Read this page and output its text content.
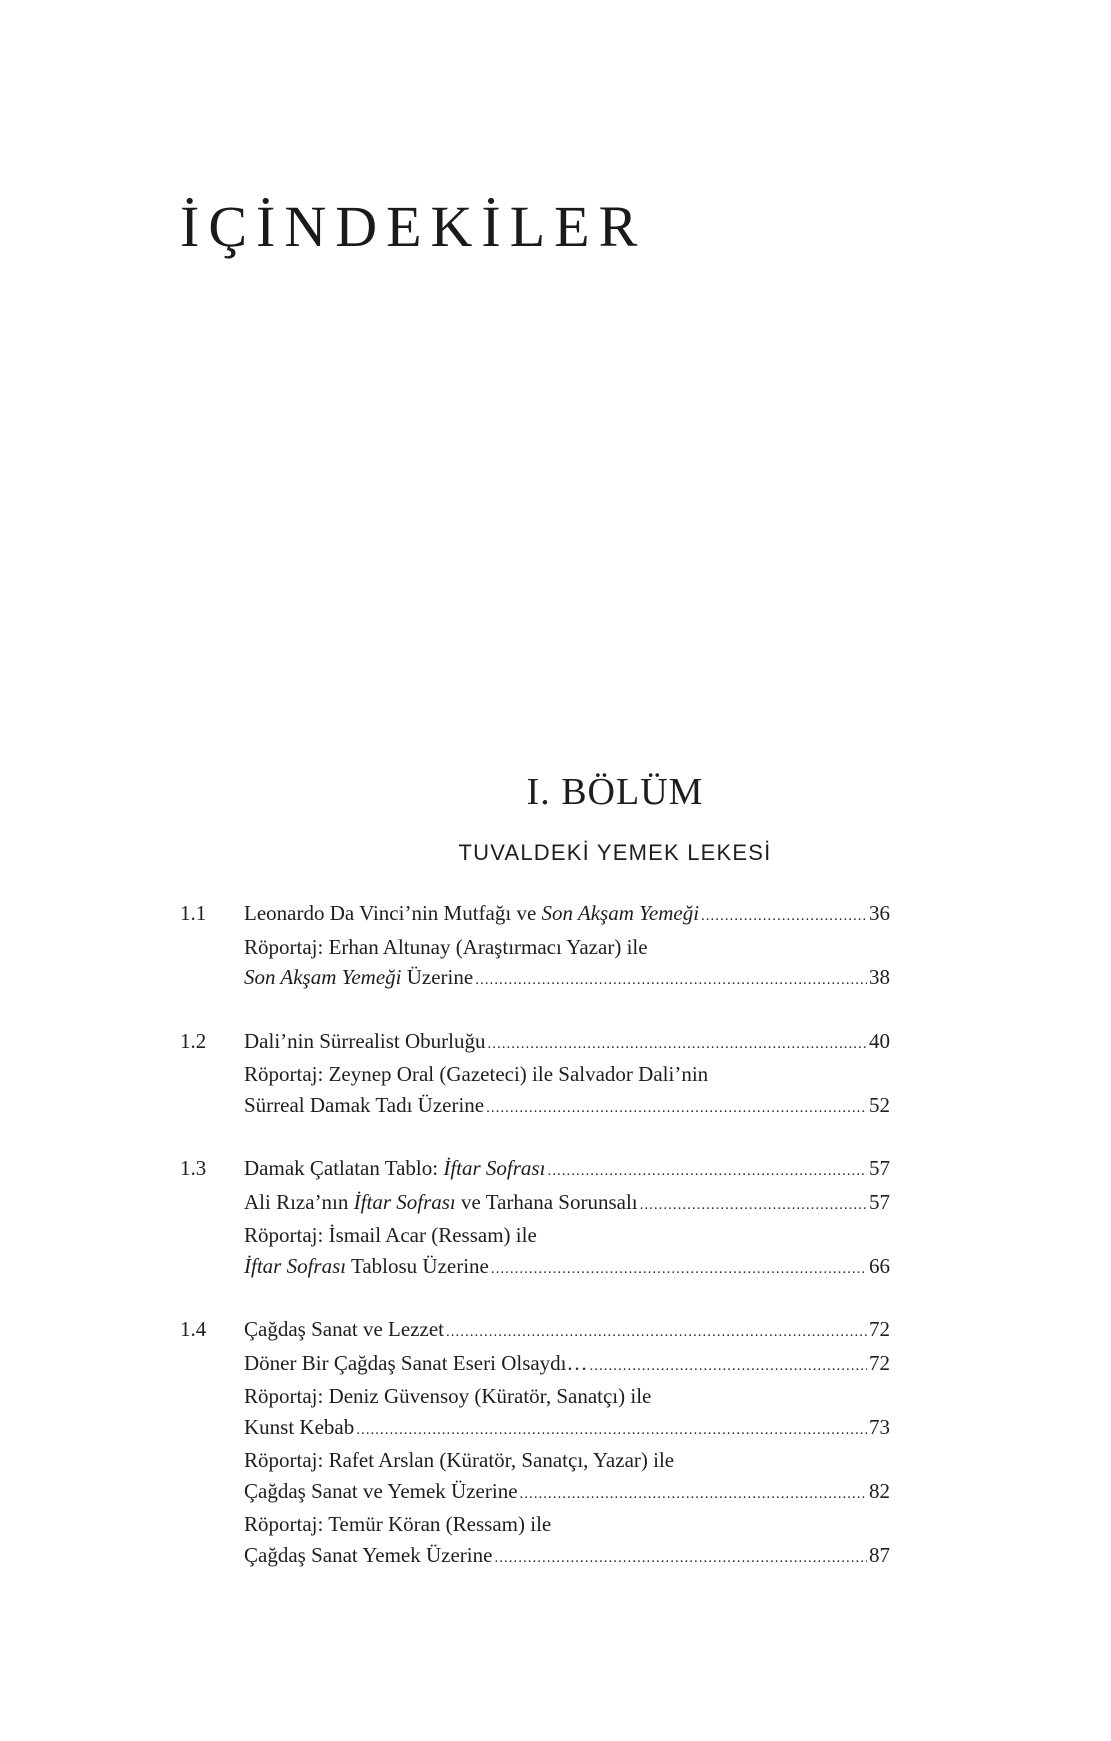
İÇİNDEKİLER
I. BÖLÜM
TUVALDEKİ YEMEK LEKESİ
1.1	Leonardo Da Vinci’nin Mutfağı ve Son Akşam Yemeği .....	36
Röportaj: Erhan Altunay (Araştırmacı Yazar) ile
Son Akşam Yemeği Üzerine .....	38
1.2	Dali’nin Sürrealist Oburluğu .....	40
Röportaj: Zeynep Oral (Gazeteci) ile Salvador Dali’nin
Sürreal Damak Tadı Üzerine .....	52
1.3	Damak Çatlatan Tablo: İftar Sofrası .....	57
Ali Rıza’nın İftar Sofrası ve Tarhana Sorunsalı .....	57
Röportaj: İsmail Acar (Ressam) ile
İftar Sofrası Tablosu Üzerine .....	66
1.4	Çağdaş Sanat ve Lezzet .....	72
Döner Bir Çağdaş Sanat Eseri Olsaydı… .....	72
Röportaj: Deniz Güvensoy (Küratör, Sanatçı) ile
Kunst Kebab .....	73
Röportaj: Rafet Arslan (Küratör, Sanatçı, Yazar) ile
Çağdaş Sanat ve Yemek Üzerine .....	82
Röportaj: Temür Köran (Ressam) ile
Çağdaş Sanat Yemek Üzerine .....	87
